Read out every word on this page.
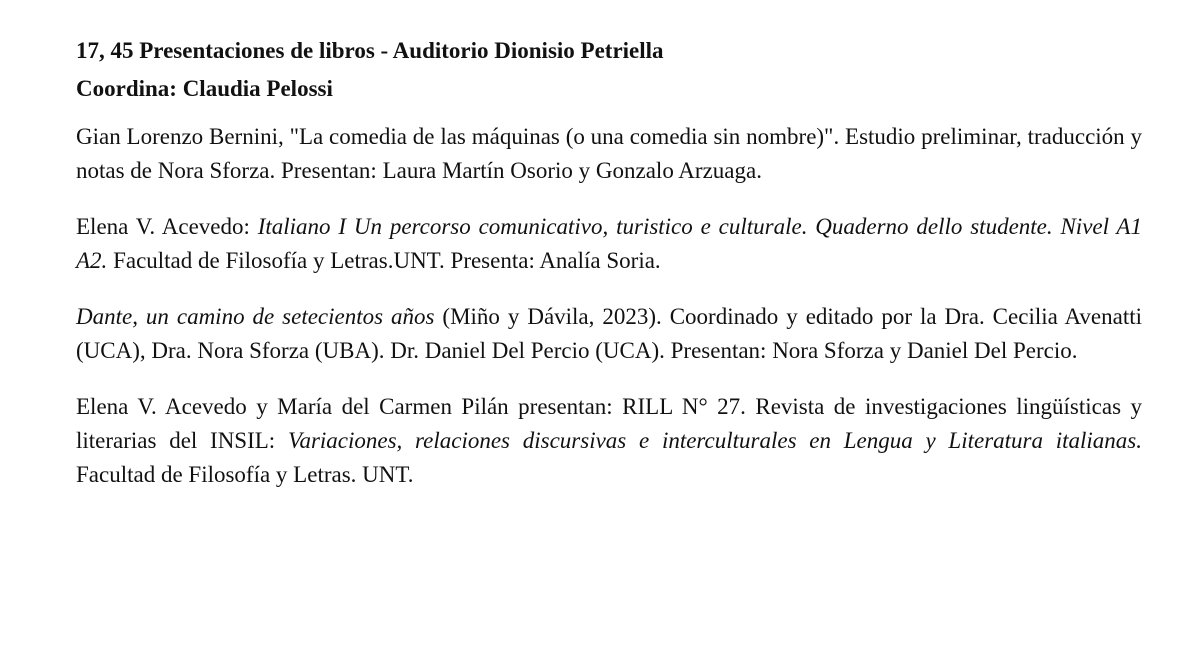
17, 45 Presentaciones de libros - Auditorio Dionisio Petriella

Coordina: Claudia Pelossi

Gian Lorenzo Bernini, "La comedia de las máquinas (o una comedia sin nombre)". Estudio preliminar, traducción y notas de Nora Sforza. Presentan: Laura Martín Osorio y Gonzalo Arzuaga.

Elena V. Acevedo: Italiano I Un percorso comunicativo, turistico e culturale. Quaderno dello studente. Nivel A1 A2. Facultad de Filosofía y Letras.UNT. Presenta: Analía Soria.

Dante, un camino de setecientos años (Miño y Dávila, 2023). Coordinado y editado por la Dra. Cecilia Avenatti (UCA), Dra. Nora Sforza (UBA). Dr. Daniel Del Percio (UCA). Presentan: Nora Sforza y Daniel Del Percio.

Elena V. Acevedo y María del Carmen Pilán presentan: RILL N° 27. Revista de investigaciones lingüísticas y literarias del INSIL: Variaciones, relaciones discursivas e interculturales en Lengua y Literatura italianas. Facultad de Filosofía y Letras. UNT.
